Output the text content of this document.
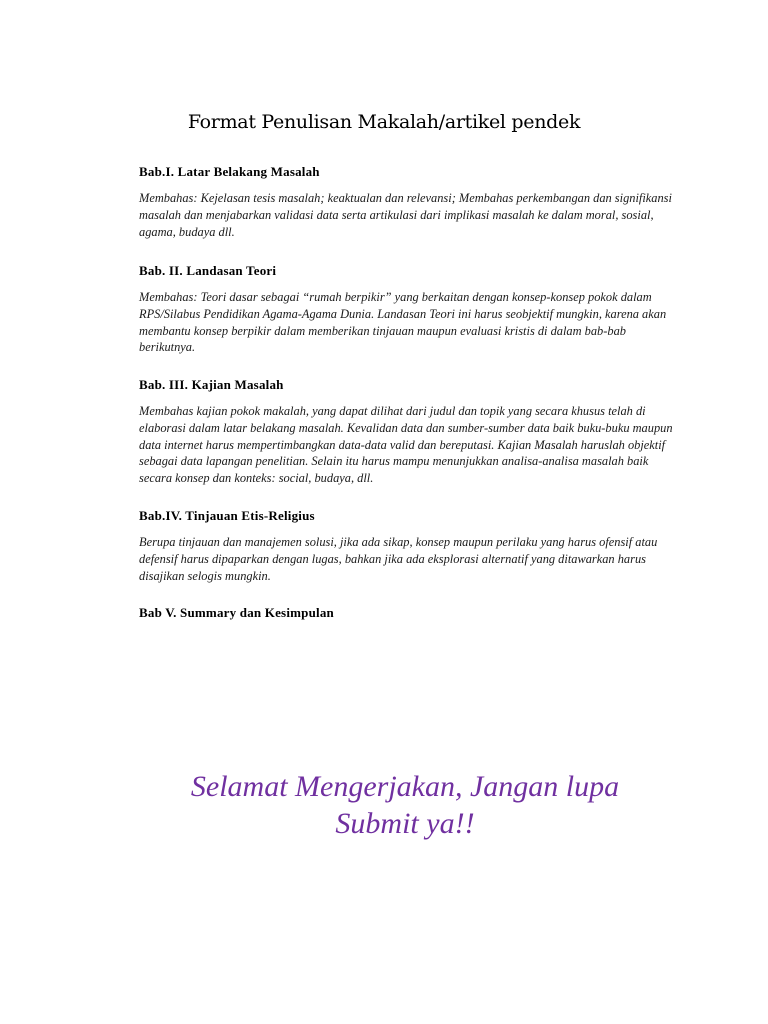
Format Penulisan Makalah/artikel pendek

Bab.I. Latar Belakang Masalah

Membahas: Kejelasan tesis masalah; keaktualan dan relevansi; Membahas perkembangan dan signifikansi masalah dan menjabarkan validasi data serta artikulasi dari implikasi masalah ke dalam moral, sosial, agama, budaya dll.

Bab. II. Landasan Teori

Membahas: Teori dasar sebagai “rumah berpikir” yang berkaitan dengan konsep-konsep pokok dalam RPS/Silabus Pendidikan Agama-Agama Dunia. Landasan Teori ini harus seobjektif mungkin, karena akan membantu konsep berpikir dalam memberikan tinjauan maupun evaluasi kristis di dalam bab-bab berikutnya.

Bab. III. Kajian Masalah

Membahas kajian pokok makalah, yang dapat dilihat dari judul dan topik yang secara khusus telah di elaborasi dalam latar belakang masalah. Kevalidan data dan sumber-sumber data baik buku-buku maupun data internet harus mempertimbangkan data-data valid dan bereputasi. Kajian Masalah haruslah objektif sebagai data lapangan penelitian. Selain itu harus mampu menunjukkan analisa-analisa masalah baik secara konsep dan konteks: social, budaya, dll.

Bab.IV. Tinjauan Etis-Religius

Berupa tinjauan dan manajemen solusi, jika ada sikap, konsep maupun perilaku yang harus ofensif atau defensif harus dipaparkan dengan lugas, bahkan jika ada eksplorasi alternatif yang ditawarkan harus disajikan selogis mungkin.

Bab V. Summary dan Kesimpulan

Selamat Mengerjakan, Jangan lupa
Submit ya!!
